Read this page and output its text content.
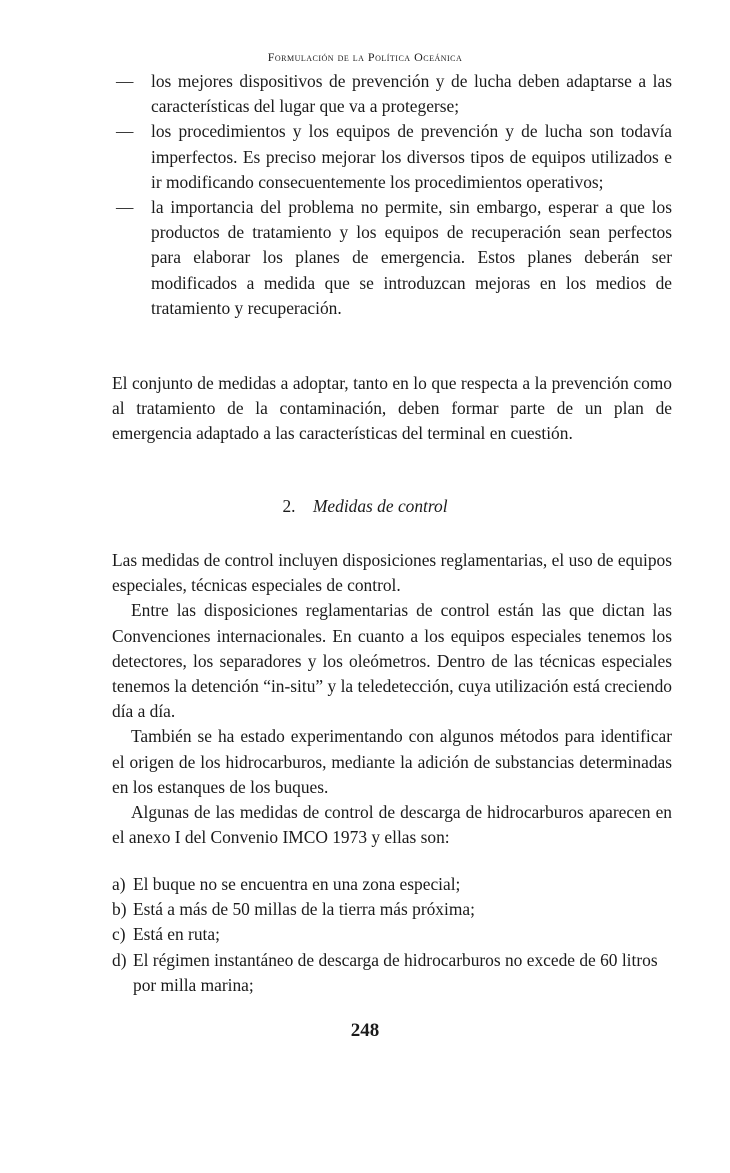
Formulación de la Política Oceánica
— los mejores dispositivos de prevención y de lucha deben adaptarse a las características del lugar que va a protegerse;
— los procedimientos y los equipos de prevención y de lucha son todavía imperfectos. Es preciso mejorar los diversos tipos de equipos utilizados e ir modificando consecuentemente los procedimientos operativos;
— la importancia del problema no permite, sin embargo, esperar a que los productos de tratamiento y los equipos de recuperación sean perfectos para elaborar los planes de emergencia. Estos planes deberán ser modificados a medida que se introduzcan mejoras en los medios de tratamiento y recuperación.

El conjunto de medidas a adoptar, tanto en lo que respecta a la prevención como al tratamiento de la contaminación, deben formar parte de un plan de emergencia adaptado a las características del terminal en cuestión.

2. Medidas de control

Las medidas de control incluyen disposiciones reglamentarias, el uso de equipos especiales, técnicas especiales de control.

Entre las disposiciones reglamentarias de control están las que dictan las Convenciones internacionales. En cuanto a los equipos especiales tenemos los detectores, los separadores y los oleómetros. Dentro de las técnicas especiales tenemos la detención “in-situ” y la teledetección, cuya utilización está creciendo día a día.

También se ha estado experimentando con algunos métodos para identificar el origen de los hidrocarburos, mediante la adición de substancias determinadas en los estanques de los buques.

Algunas de las medidas de control de descarga de hidrocarburos aparecen en el anexo I del Convenio IMCO 1973 y ellas son:

a) El buque no se encuentra en una zona especial;
b) Está a más de 50 millas de la tierra más próxima;
c) Está en ruta;
d) El régimen instantáneo de descarga de hidrocarburos no excede de 60 litros por milla marina;
248
